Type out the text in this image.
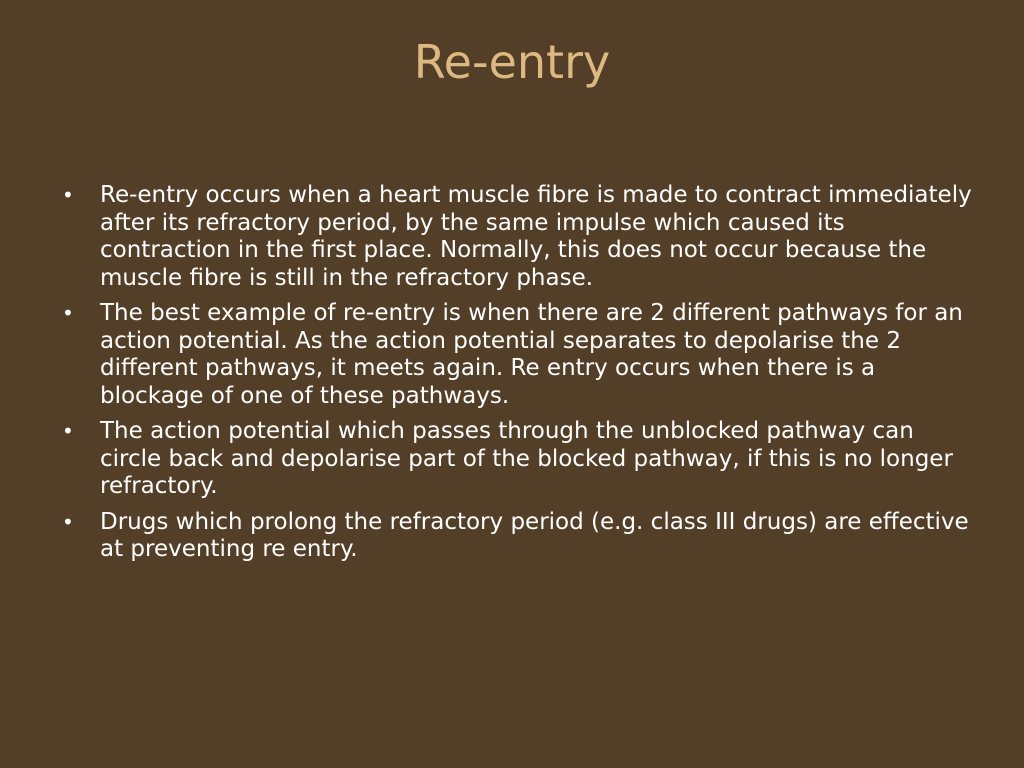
Re-entry
•	Re-entry occurs when a heart muscle fibre is made to contract immediately after its refractory period, by the same impulse which caused its contraction in the first place. Normally, this does not occur because the muscle fibre is still in the refractory phase.
•	The best example of re-entry is when there are 2 different pathways for an action potential. As the action potential separates to depolarise the 2 different pathways, it meets again. Re entry occurs when there is a blockage of one of these pathways.
•	The action potential which passes through the unblocked pathway can circle back and depolarise part of the blocked pathway, if this is no longer refractory.
•	Drugs which prolong the refractory period (e.g. class III drugs) are effective at preventing re entry.
